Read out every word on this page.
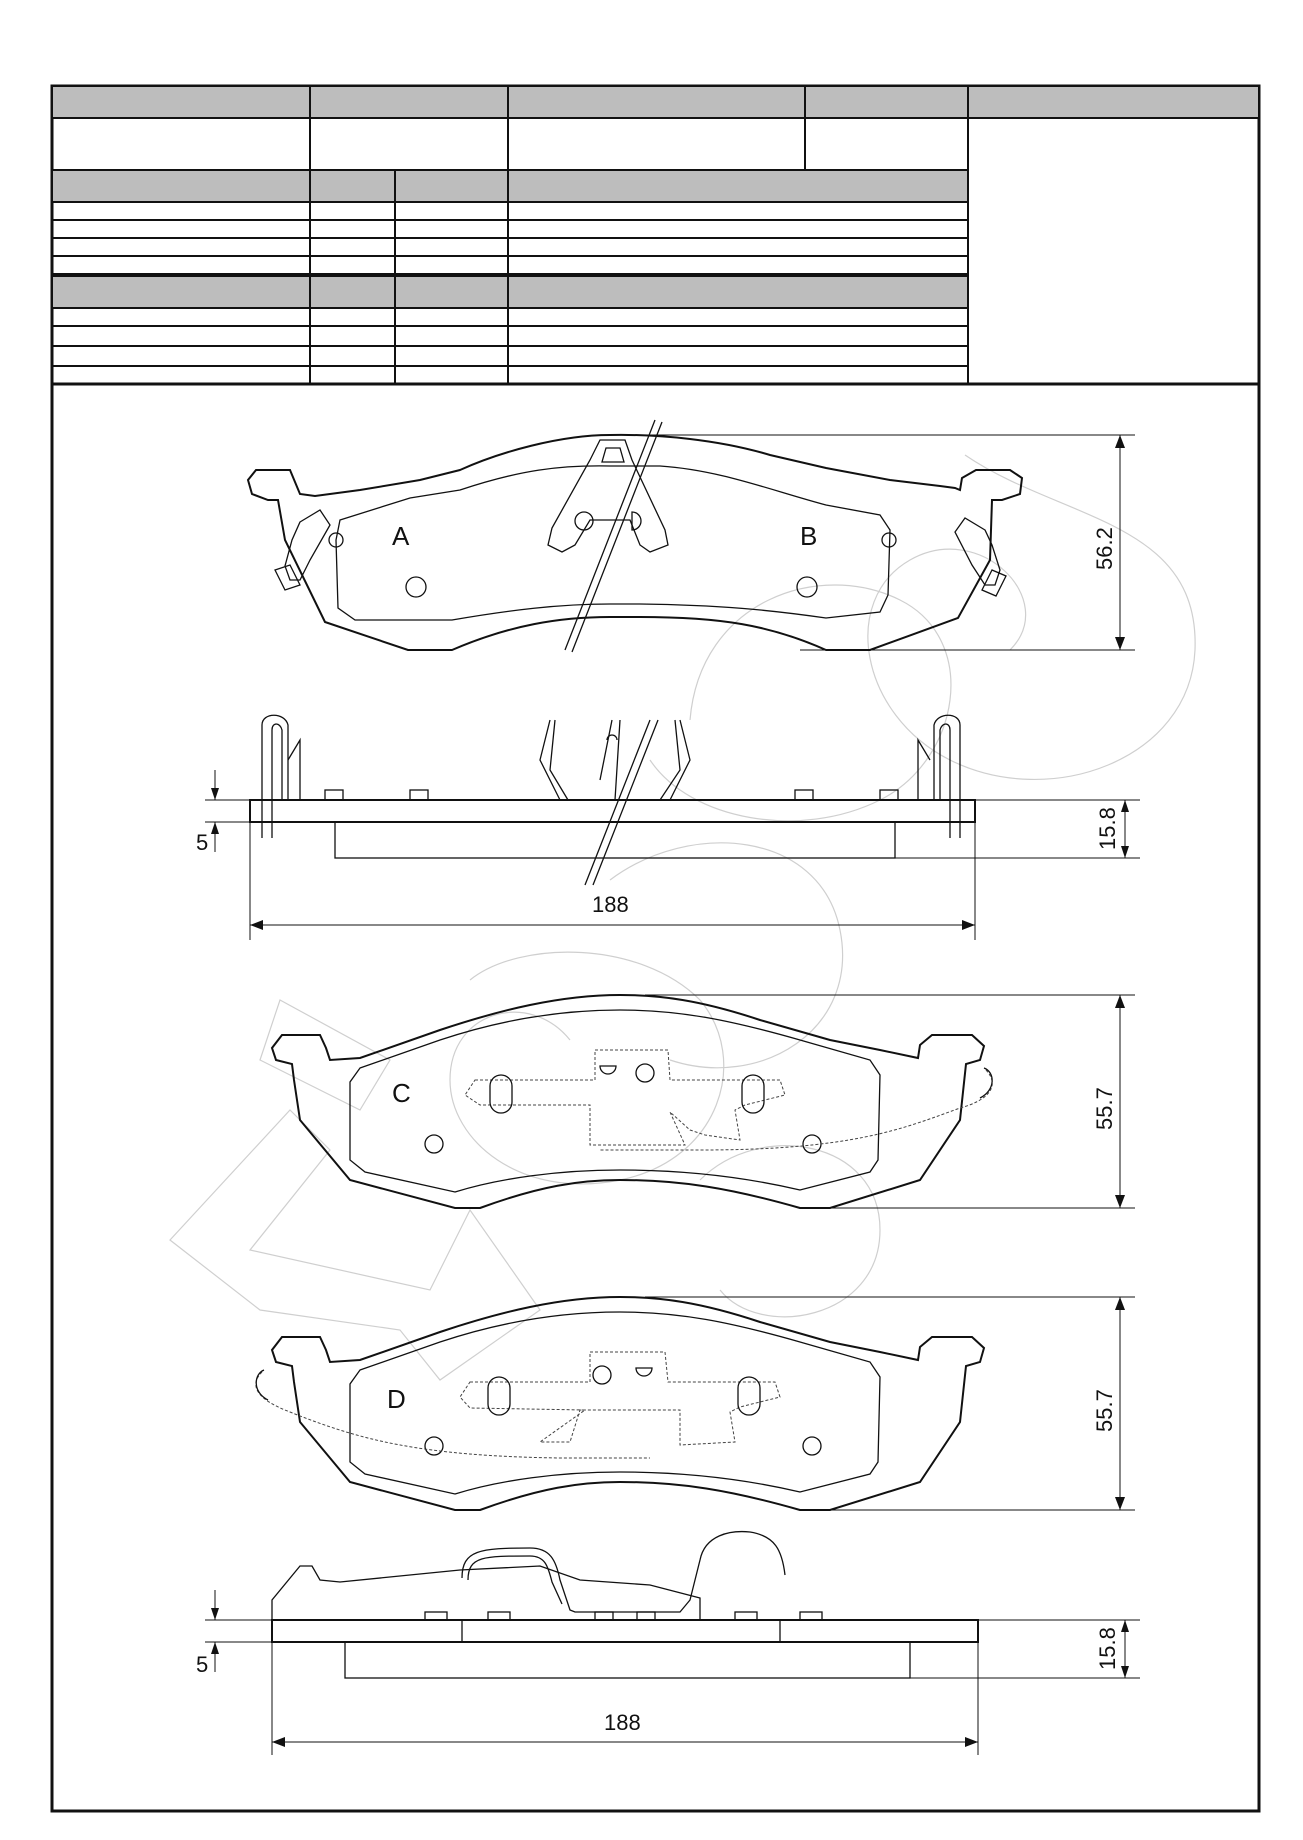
A	B	56.2
5	15.8
188
C	55.7
D	55.7
5	15.8
188
